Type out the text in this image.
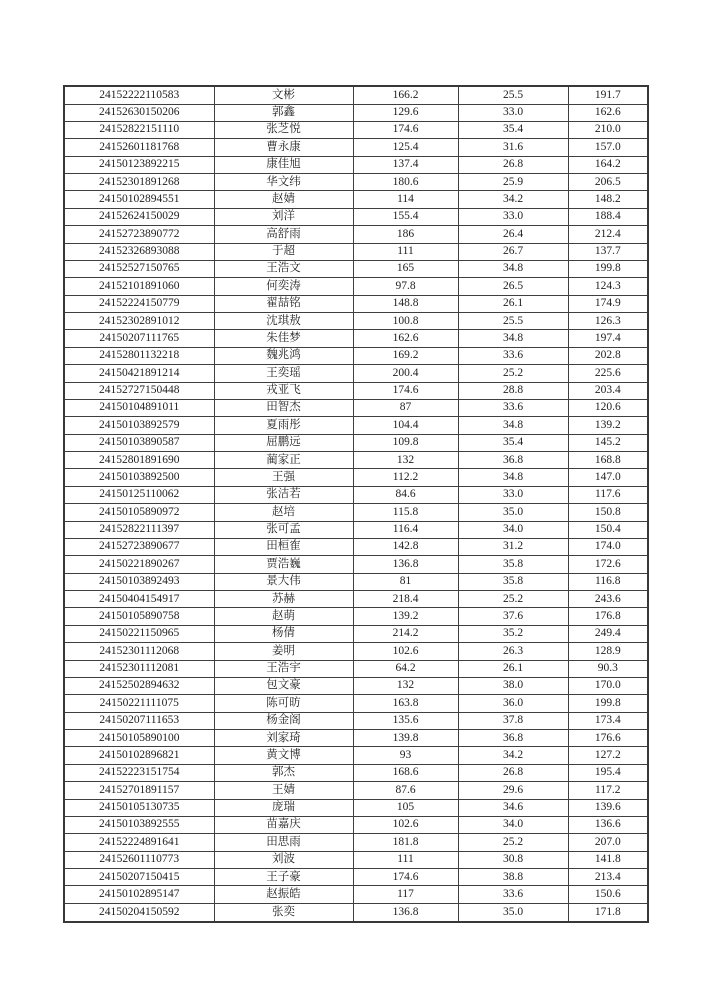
24152222110583	文彬	166.2	25.5	191.7
24152630150206	郭鑫	129.6	33.0	162.6
24152822151110	张芝悦	174.6	35.4	210.0
24152601181768	曹永康	125.4	31.6	157.0
24150123892215	康佳旭	137.4	26.8	164.2
24152301891268	华文纬	180.6	25.9	206.5
24150102894551	赵婧	114	34.2	148.2
24152624150029	刘洋	155.4	33.0	188.4
24152723890772	高舒雨	186	26.4	212.4
24152326893088	于超	111	26.7	137.7
24152527150765	王浩文	165	34.8	199.8
24152101891060	何奕涛	97.8	26.5	124.3
24152224150779	翟喆铭	148.8	26.1	174.9
24152302891012	沈琪敖	100.8	25.5	126.3
24150207111765	朱佳梦	162.6	34.8	197.4
24152801132218	魏兆鸿	169.2	33.6	202.8
24150421891214	王奕瑶	200.4	25.2	225.6
24152727150448	戎亚飞	174.6	28.8	203.4
24150104891011	田智杰	87	33.6	120.6
24150103892579	夏雨彤	104.4	34.8	139.2
24150103890587	屈鹏远	109.8	35.4	145.2
24152801891690	蔺家正	132	36.8	168.8
24150103892500	王强	112.2	34.8	147.0
24150125110062	张洁若	84.6	33.0	117.6
24150105890972	赵培	115.8	35.0	150.8
24152822111397	张可孟	116.4	34.0	150.4
24152723890677	田桓隺	142.8	31.2	174.0
24150221890267	贾浩巍	136.8	35.8	172.6
24150103892493	景大伟	81	35.8	116.8
24150404154917	苏赫	218.4	25.2	243.6
24150105890758	赵萌	139.2	37.6	176.8
24150221150965	杨倩	214.2	35.2	249.4
24152301112068	姜明	102.6	26.3	128.9
24152301112081	王浩宇	64.2	26.1	90.3
24152502894632	包文豪	132	38.0	170.0
24150221111075	陈可昉	163.8	36.0	199.8
24150207111653	杨金阁	135.6	37.8	173.4
24150105890100	刘家琦	139.8	36.8	176.6
24150102896821	黄文博	93	34.2	127.2
24152223151754	郭杰	168.6	26.8	195.4
24152701891157	王婧	87.6	29.6	117.2
24150105130735	庞瑞	105	34.6	139.6
24150103892555	苗嘉庆	102.6	34.0	136.6
24152224891641	田思雨	181.8	25.2	207.0
24152601110773	刘波	111	30.8	141.8
24150207150415	王子豪	174.6	38.8	213.4
24150102895147	赵振皓	117	33.6	150.6
24150204150592	张奕	136.8	35.0	171.8
